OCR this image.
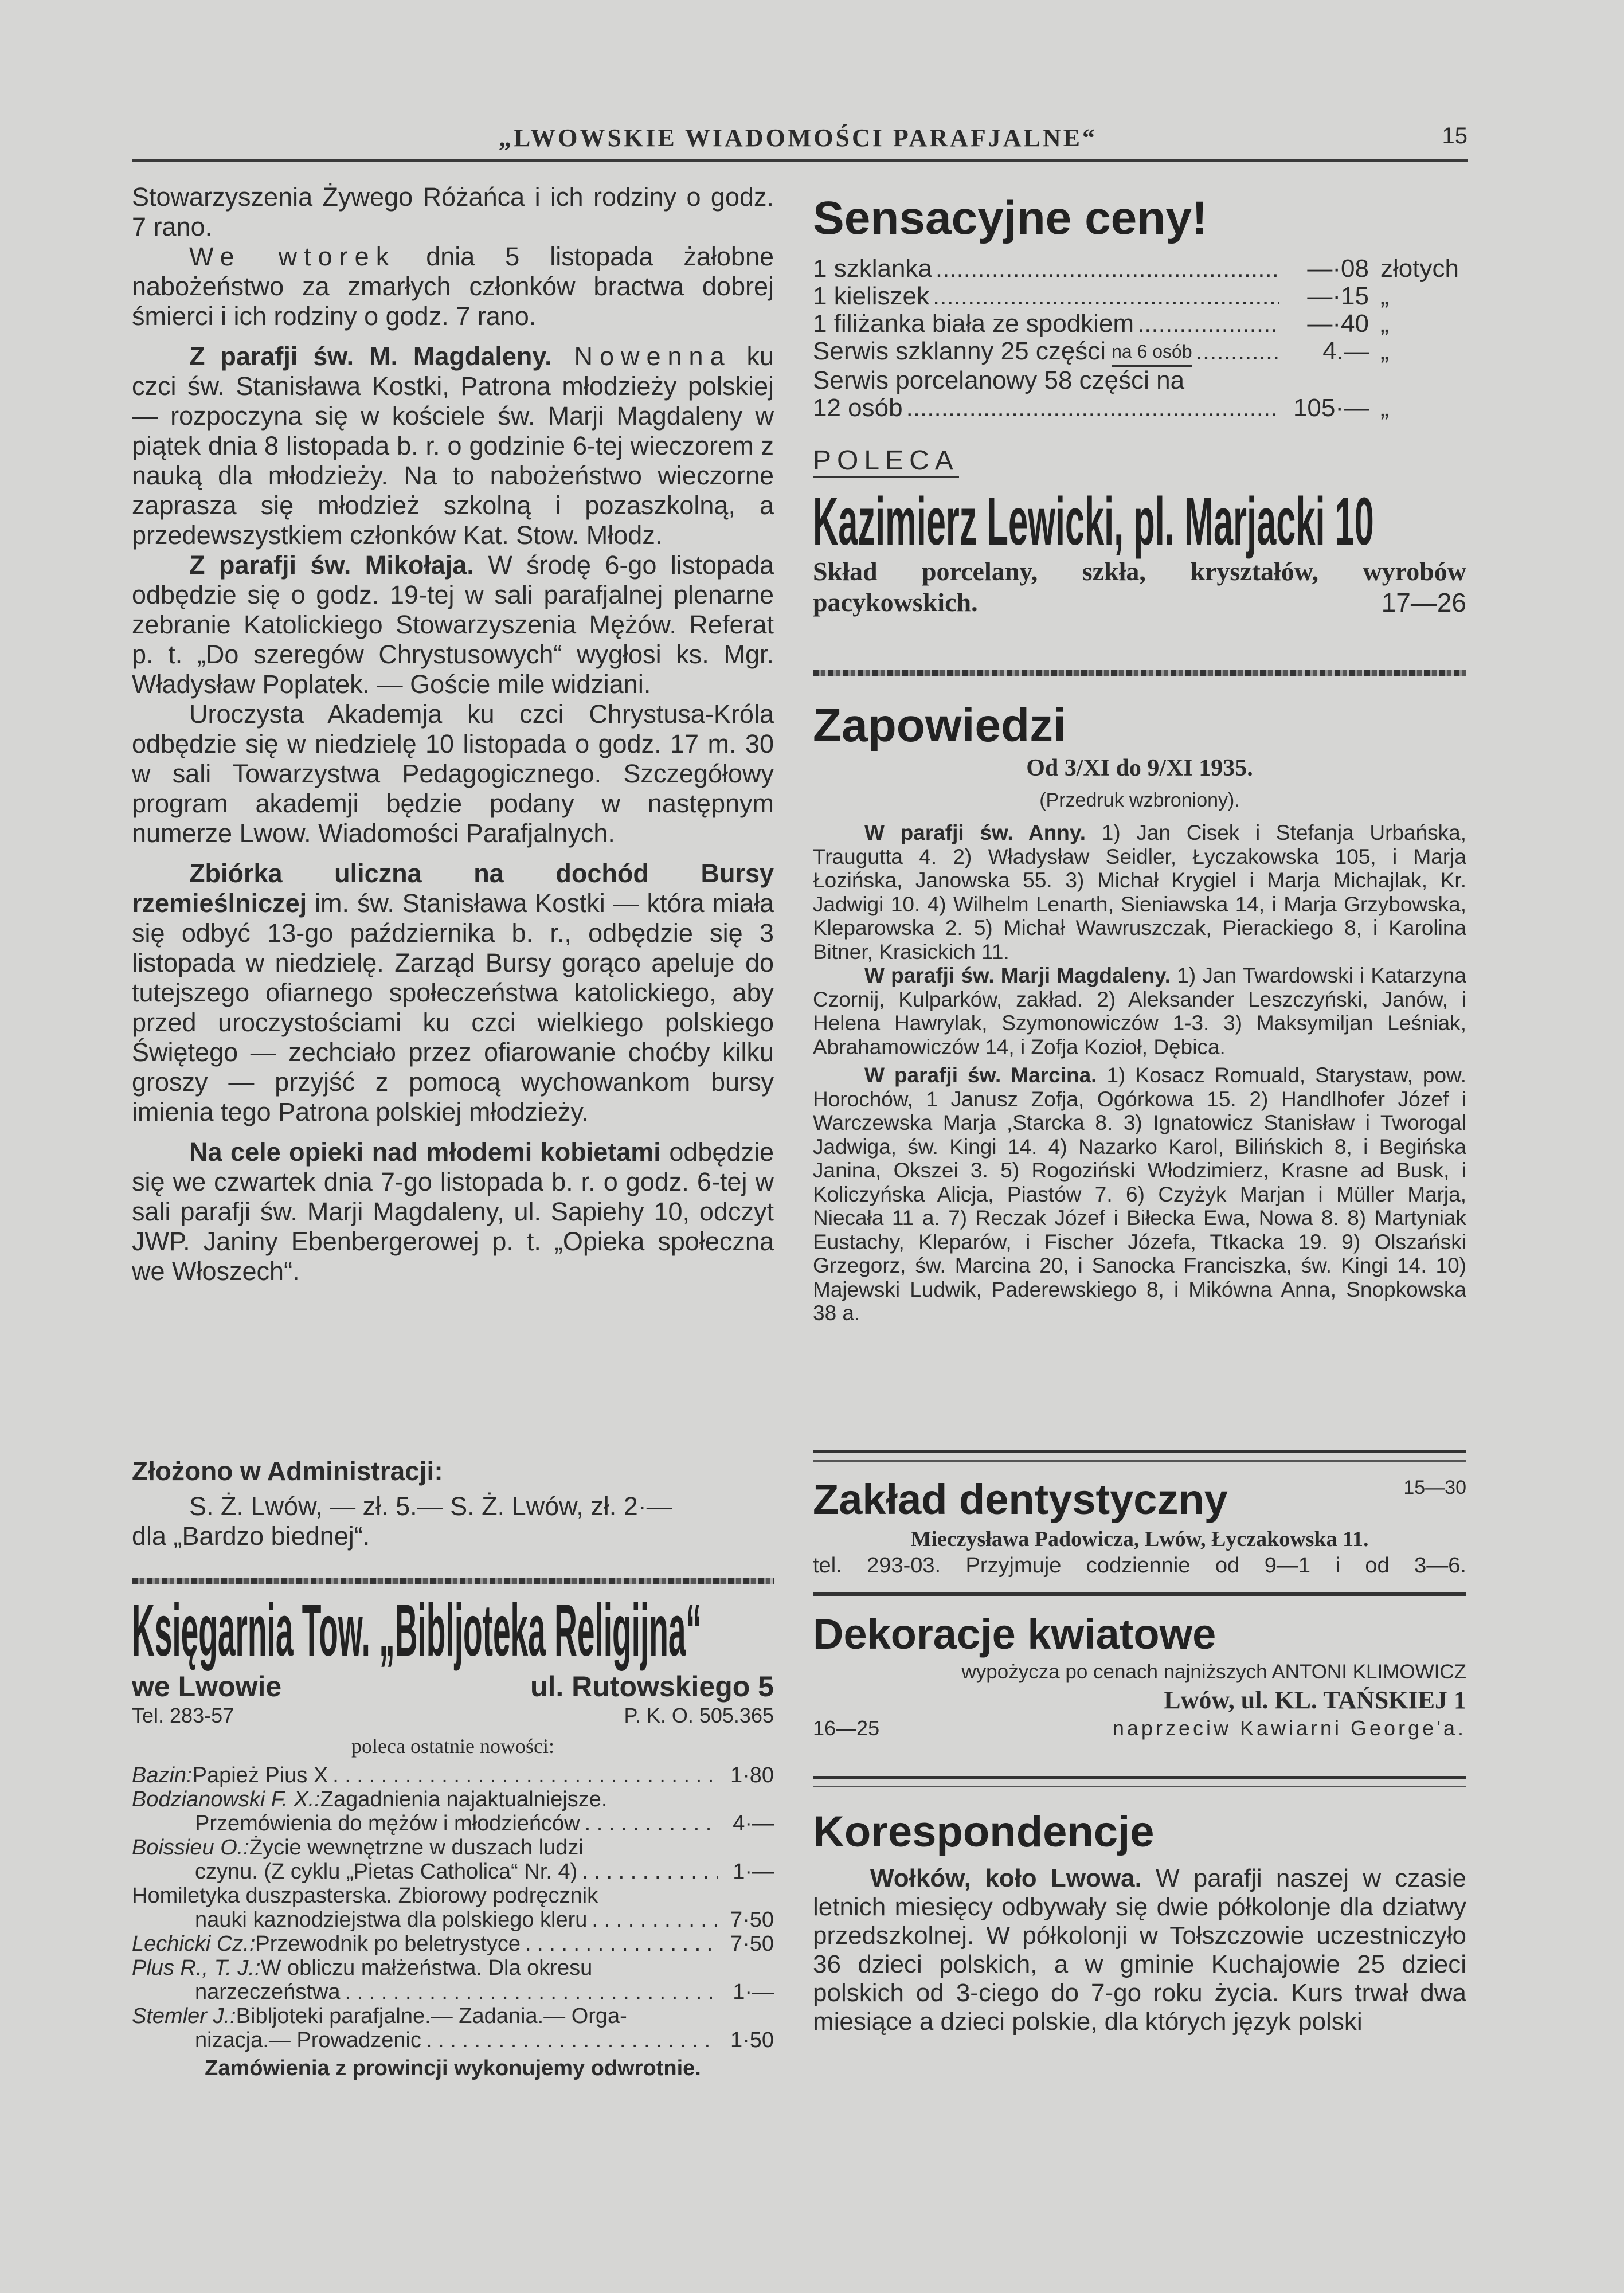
„LWOWSKIE WIADOMOŚCI PARAFJALNE“	15

Stowarzyszenia Żywego Różańca i ich rodziny o godz. 7 rano.

We wtorek dnia 5 listopada żałobne nabożeństwo za zmarłych członków bractwa dobrej śmierci i ich rodziny o godz. 7 rano.

Z parafji św. M. Magdaleny. Nowenna ku czci św. Stanisława Kostki, Patrona młodzieży polskiej — rozpoczyna się w kościele św. Marji Magdaleny w piątek dnia 8 listopada b. r. o godzinie 6-tej wieczorem z nauką dla młodzieży. Na to nabożeństwo wieczorne zaprasza się młodzież szkolną i pozaszkolną, a przedewszystkiem członków Kat. Stow. Młodz.

Z parafji św. Mikołaja. W środę 6-go listopada odbędzie się o godz. 19-tej w sali parafjalnej plenarne zebranie Katolickiego Stowarzyszenia Mężów. Referat p. t. „Do szeregów Chrystusowych“ wygłosi ks. Mgr. Władysław Poplatek. — Goście mile widziani.

Uroczysta Akademja ku czci Chrystusa-Króla odbędzie się w niedzielę 10 listopada o godz. 17 m. 30 w sali Towarzystwa Pedagogicznego. Szczegółowy program akademji będzie podany w następnym numerze Lwow. Wiadomości Parafjalnych.

Zbiórka uliczna na dochód Bursy rzemieślniczej im. św. Stanisława Kostki — która miała się odbyć 13-go października b. r., odbędzie się 3 listopada w niedzielę. Zarząd Bursy gorąco apeluje do tutejszego ofiarnego społeczeństwa katolickiego, aby przed uroczystościami ku czci wielkiego polskiego Świętego — zechciało przez ofiarowanie choćby kilku groszy — przyjść z pomocą wychowankom bursy imienia tego Patrona polskiej młodzieży.

Na cele opieki nad młodemi kobietami odbędzie się we czwartek dnia 7-go listopada b. r. o godz. 6-tej w sali parafji św. Marji Magdaleny, ul. Sapiehy 10, odczyt JWP. Janiny Ebenbergerowej p. t. „Opieka społeczna we Włoszech“.

Złożono w Administracji:
S. Ż. Lwów, — zł. 5.— S. Ż. Lwów, zł. 2·—
dla „Bardzo biednej“.
Księgarnia Tow. „Bibljoteka Religijna“
we Lwowie	ul. Rutowskiego 5
Tel. 283-57	P. K. O. 505.365
poleca ostatnie nowości:
Bazin: Papież Pius X . . .	1·80
Bodzianowski F. X.: Zagadnienia najaktualniejsze.
Przemówienia do mężów i młodzieńców . . .	4·—
Boissieu O.: Życie wewnętrzne w duszach ludzi
czynu. (Z cyklu „Pietas Catholica“ Nr. 4) . . .	1·—
Homiletyka duszpasterska. Zbiorowy podręcznik
nauki kaznodziejstwa dla polskiego kleru . . .	7·50
Lechicki Cz.: Przewodnik po beletrystyce . . .	7·50
Plus R., T. J.: W obliczu małżeństwa. Dla okresu
narzeczeństwa . . .	1·—
Stemler J.: Bibljoteki parafjalne.— Zadania.— Orga-
nizacja.— Prowadzenic . . .	1·50
Zamówienia z prowincji wykonujemy odwrotnie.
Sensacyjne ceny!
1 szklanka .....	—·08 złotych
1 kieliszek .....	—·15 „
1 filiżanka biała ze spodkiem .....	—·40 „
Serwis szklanny 25 części na 6 osób .....	4.— „
Serwis porcelanowy 58 części na
12 osób .....	105·— „
POLECA
Kazimierz Lewicki, pl. Marjacki 10
Skład porcelany, szkła, kryształów, wyrobów pacykowskich.	17—26
Zapowiedzi
Od 3/XI do 9/XI 1935.
(Przedruk wzbroniony).

W parafji św. Anny. 1) Jan Cisek i Stefanja Urbańska, Traugutta 4. 2) Władysław Seidler, Łyczakowska 105, i Marja Łozińska, Janowska 55. 3) Michał Krygiel i Marja Michajlak, Kr. Jadwigi 10. 4) Wilhelm Lenarth, Sieniawska 14, i Marja Grzybowska, Kleparowska 2. 5) Michał Wawruszczak, Pierackiego 8, i Karolina Bitner, Krasickich 11.

W parafji św. Marji Magdaleny. 1) Jan Twardowski i Katarzyna Czornij, Kulparków, zakład. 2) Aleksander Leszczyński, Janów, i Helena Hawrylak, Szymonowiczów 1-3. 3) Maksymiljan Leśniak, Abrahamowiczów 14, i Zofja Kozioł, Dębica.

W parafji św. Marcina. 1) Kosacz Romuald, Starystaw, pow. Horochów, 1 Janusz Zofja, Ogórkowa 15. 2) Handlhofer Józef i Warczewska Marja ,Starcka 8. 3) Ignatowicz Stanisław i Tworogal Jadwiga, św. Kingi 14. 4) Nazarko Karol, Bilińskich 8, i Begińska Janina, Okszei 3. 5) Rogoziński Włodzimierz, Krasne ad Busk, i Koliczyńska Alicja, Piastów 7. 6) Czyżyk Marjan i Müller Marja, Niecała 11 a. 7) Reczak Józef i Biłecka Ewa, Nowa 8. 8) Martyniak Eustachy, Kleparów, i Fischer Józefa, Ttkacka 19. 9) Olszański Grzegorz, św. Marcina 20, i Sanocka Franciszka, św. Kingi 14. 10) Majewski Ludwik, Paderewskiego 8, i Mikówna Anna, Snopkowska 38 a.

Zakład dentystyczny	15—30
Mieczysława Padowicza, Lwów, Łyczakowska 11.
tel. 293-03. Przyjmuje codziennie od 9—1 i od 3—6.
Dekoracje kwiatowe
wypożycza po cenach najniższych ANTONI KLIMOWICZ
Lwów, ul. KL. TAŃSKIEJ 1
16—25	naprzeciw Kawiarni George'a.
Korespondencje

Wołków, koło Lwowa. W parafji naszej w czasie letnich miesięcy odbywały się dwie półkolonje dla dziatwy przedszkolnej. W półkolonji w Tołszczowie uczestniczyło 36 dzieci polskich, a w gminie Kuchajowie 25 dzieci polskich od 3-ciego do 7-go roku życia. Kurs trwał dwa miesiące a dzieci polskie, dla których język polski
